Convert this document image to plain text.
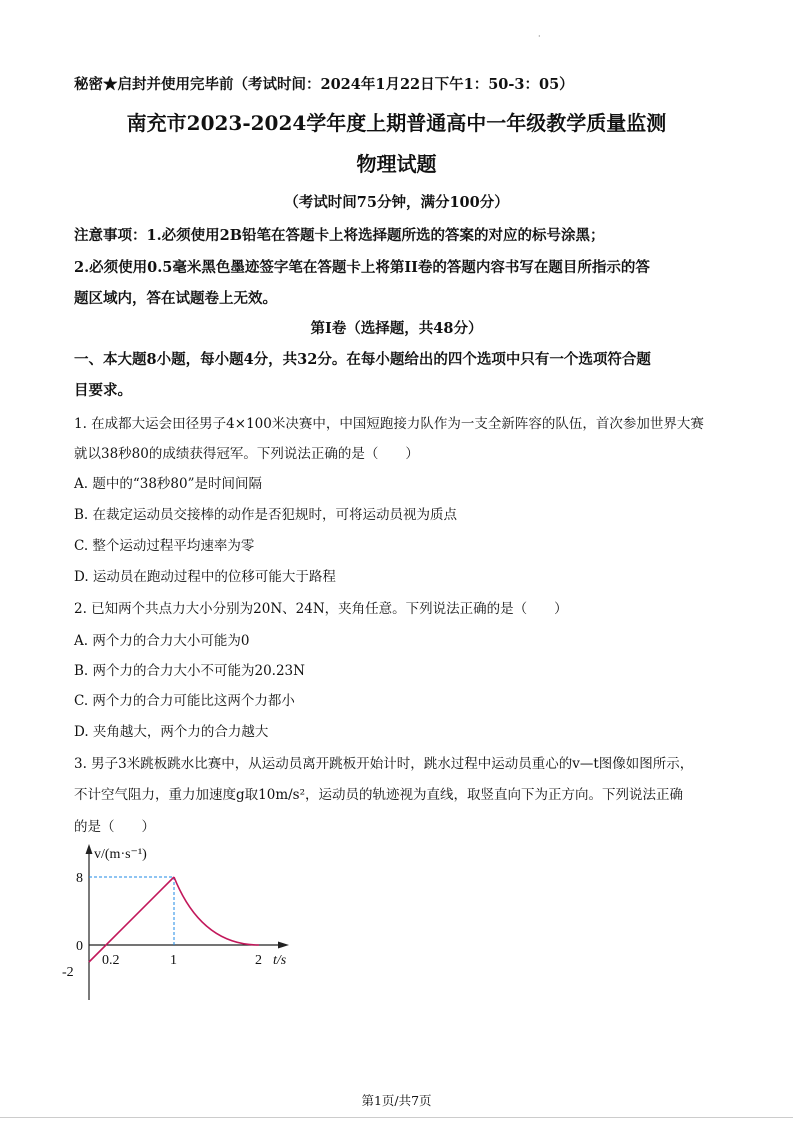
·
秘密★启封并使用完毕前（考试时间：2024年1月22日下午1：50-3：05）
南充市2023-2024学年度上期普通高中一年级教学质量监测
物理试题
（考试时间75分钟，满分100分）
注意事项：1.必须使用2B铅笔在答题卡上将选择题所选的答案的对应的标号涂黑；
2.必须使用0.5毫米黑色墨迹签字笔在答题卡上将第II卷的答题内容书写在题目所指示的答
题区域内，答在试题卷上无效。
第I卷（选择题，共48分）
一、本大题8小题，每小题4分，共32分。在每小题给出的四个选项中只有一个选项符合题
目要求。
1. 在成都大运会田径男子4×100米决赛中，中国短跑接力队作为一支全新阵容的队伍，首次参加世界大赛
就以38秒80的成绩获得冠军。下列说法正确的是（　　）
A. 题中的“38秒80”是时间间隔
B. 在裁定运动员交接棒的动作是否犯规时，可将运动员视为质点
C. 整个运动过程平均速率为零
D. 运动员在跑动过程中的位移可能大于路程
2. 已知两个共点力大小分别为20N、24N，夹角任意。下列说法正确的是（　　）
A. 两个力的合力大小可能为0
B. 两个力的合力大小不可能为20.23N
C. 两个力的合力可能比这两个力都小
D. 夹角越大，两个力的合力越大
3. 男子3米跳板跳水比赛中，从运动员离开跳板开始计时，跳水过程中运动员重心的v—t图像如图所示，
不计空气阻力，重力加速度g取10m/s²，运动员的轨迹视为直线，取竖直向下为正方向。下列说法正确
的是（　　）
8
0
-2
0.2	1	2
v/(m·s⁻¹)
t/s
第1页/共7页
